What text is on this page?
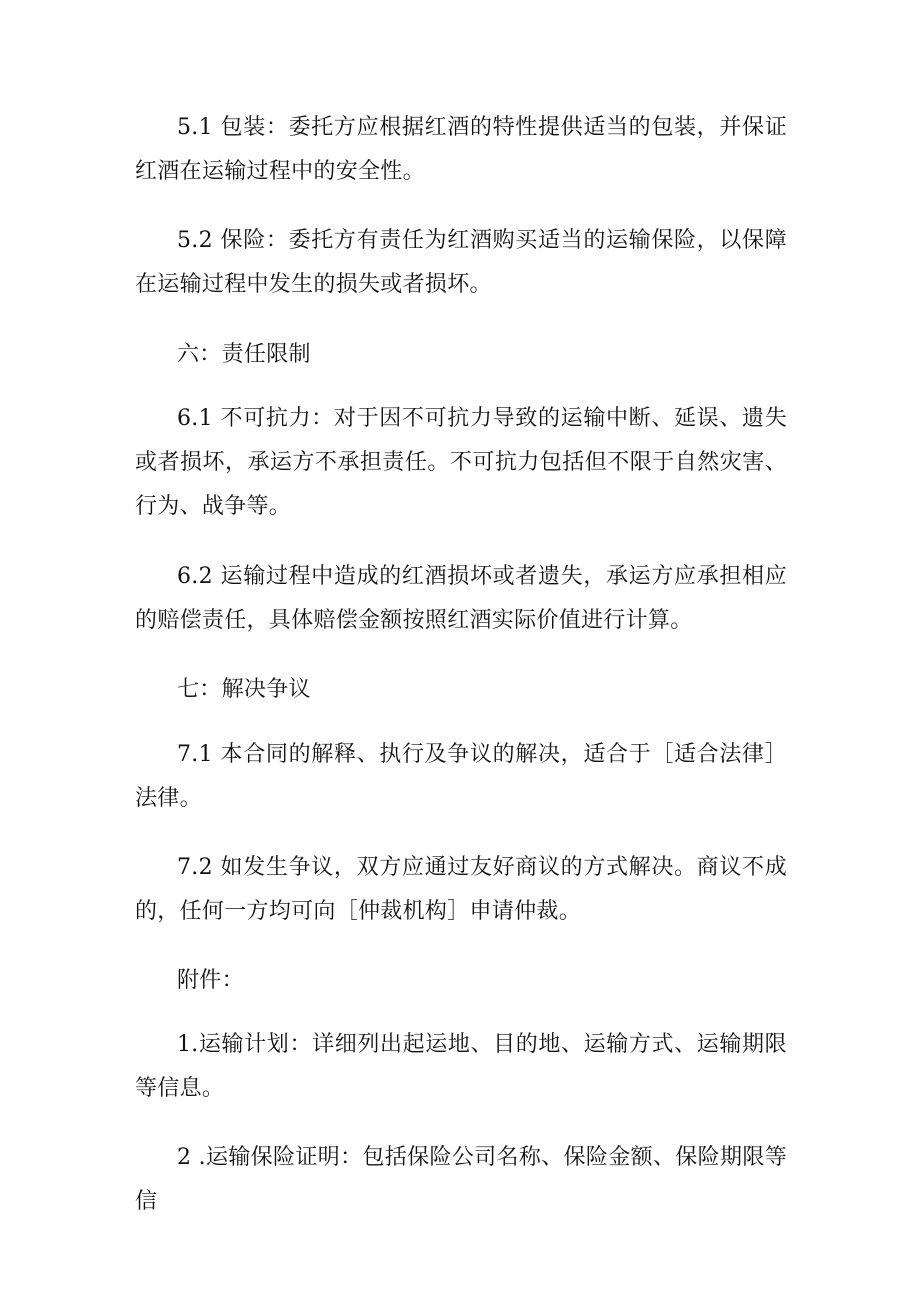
5.1 包装：委托方应根据红酒的特性提供适当的包装，并保证红酒在运输过程中的安全性。

5.2 保险：委托方有责任为红酒购买适当的运输保险，以保障在运输过程中发生的损失或者损坏。

六：责任限制

6.1 不可抗力：对于因不可抗力导致的运输中断、延误、遗失或者损坏，承运方不承担责任。不可抗力包括但不限于自然灾害、行为、战争等。

6.2 运输过程中造成的红酒损坏或者遗失，承运方应承担相应的赔偿责任，具体赔偿金额按照红酒实际价值进行计算。

七：解决争议

7.1 本合同的解释、执行及争议的解决，适合于［适合法律］法律。

7.2 如发生争议，双方应通过友好商议的方式解决。商议不成的，任何一方均可向［仲裁机构］申请仲裁。

附件：

1.运输计划：详细列出起运地、目的地、运输方式、运输期限等信息。

2 .运输保险证明：包括保险公司名称、保险金额、保险期限等信
